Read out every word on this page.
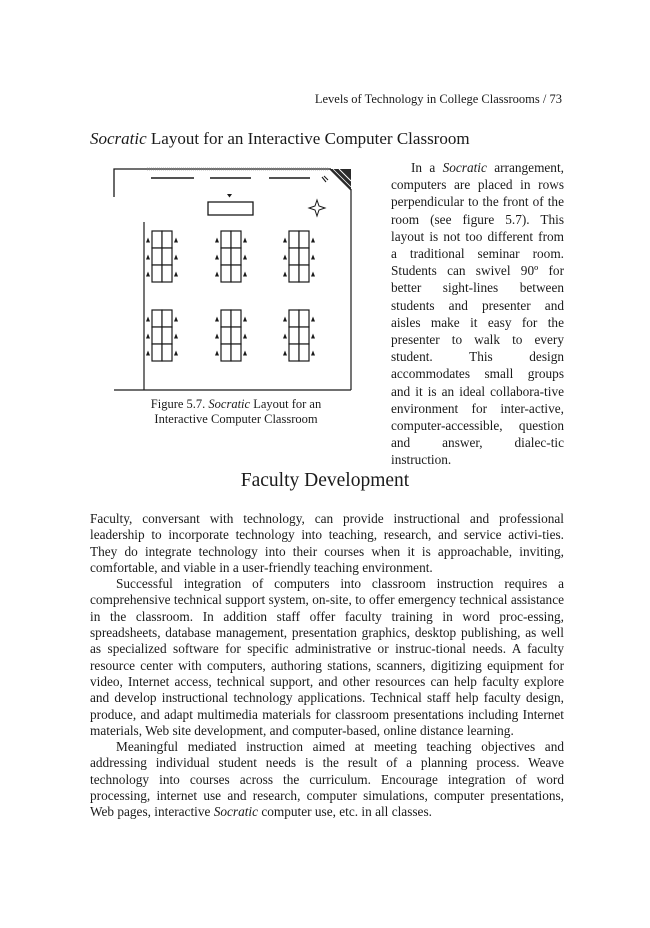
Levels of Technology in College Classrooms / 73
Socratic Layout for an Interactive Computer Classroom
Figure 5.7. Socratic Layout for an
Interactive Computer Classroom

In a Socratic arrangement, computers are placed in rows perpendicular to the front of the room (see figure 5.7). This layout is not too different from a traditional seminar room. Students can swivel 90º for better sight-lines between students and presenter and aisles make it easy for the presenter to walk to every student. This design accommodates small groups and it is an ideal collabora-tive environment for inter-active, computer-accessible, question and answer, dialec-tic instruction.

Faculty Development

Faculty, conversant with technology, can provide instructional and professional leadership to incorporate technology into teaching, research, and service activi-ties. They do integrate technology into their courses when it is approachable, inviting, comfortable, and viable in a user-friendly teaching environment.

Successful integration of computers into classroom instruction requires a comprehensive technical support system, on-site, to offer emergency technical assistance in the classroom. In addition staff offer faculty training in word proc-essing, spreadsheets, database management, presentation graphics, desktop publishing, as well as specialized software for specific administrative or instruc-tional needs. A faculty resource center with computers, authoring stations, scanners, digitizing equipment for video, Internet access, technical support, and other resources can help faculty explore and develop instructional technology applications. Technical staff help faculty design, produce, and adapt multimedia materials for classroom presentations including Internet materials, Web site development, and computer-based, online distance learning.

Meaningful mediated instruction aimed at meeting teaching objectives and addressing individual student needs is the result of a planning process. Weave technology into courses across the curriculum. Encourage integration of word processing, internet use and research, computer simulations, computer presentations, Web pages, interactive Socratic computer use, etc. in all classes.
